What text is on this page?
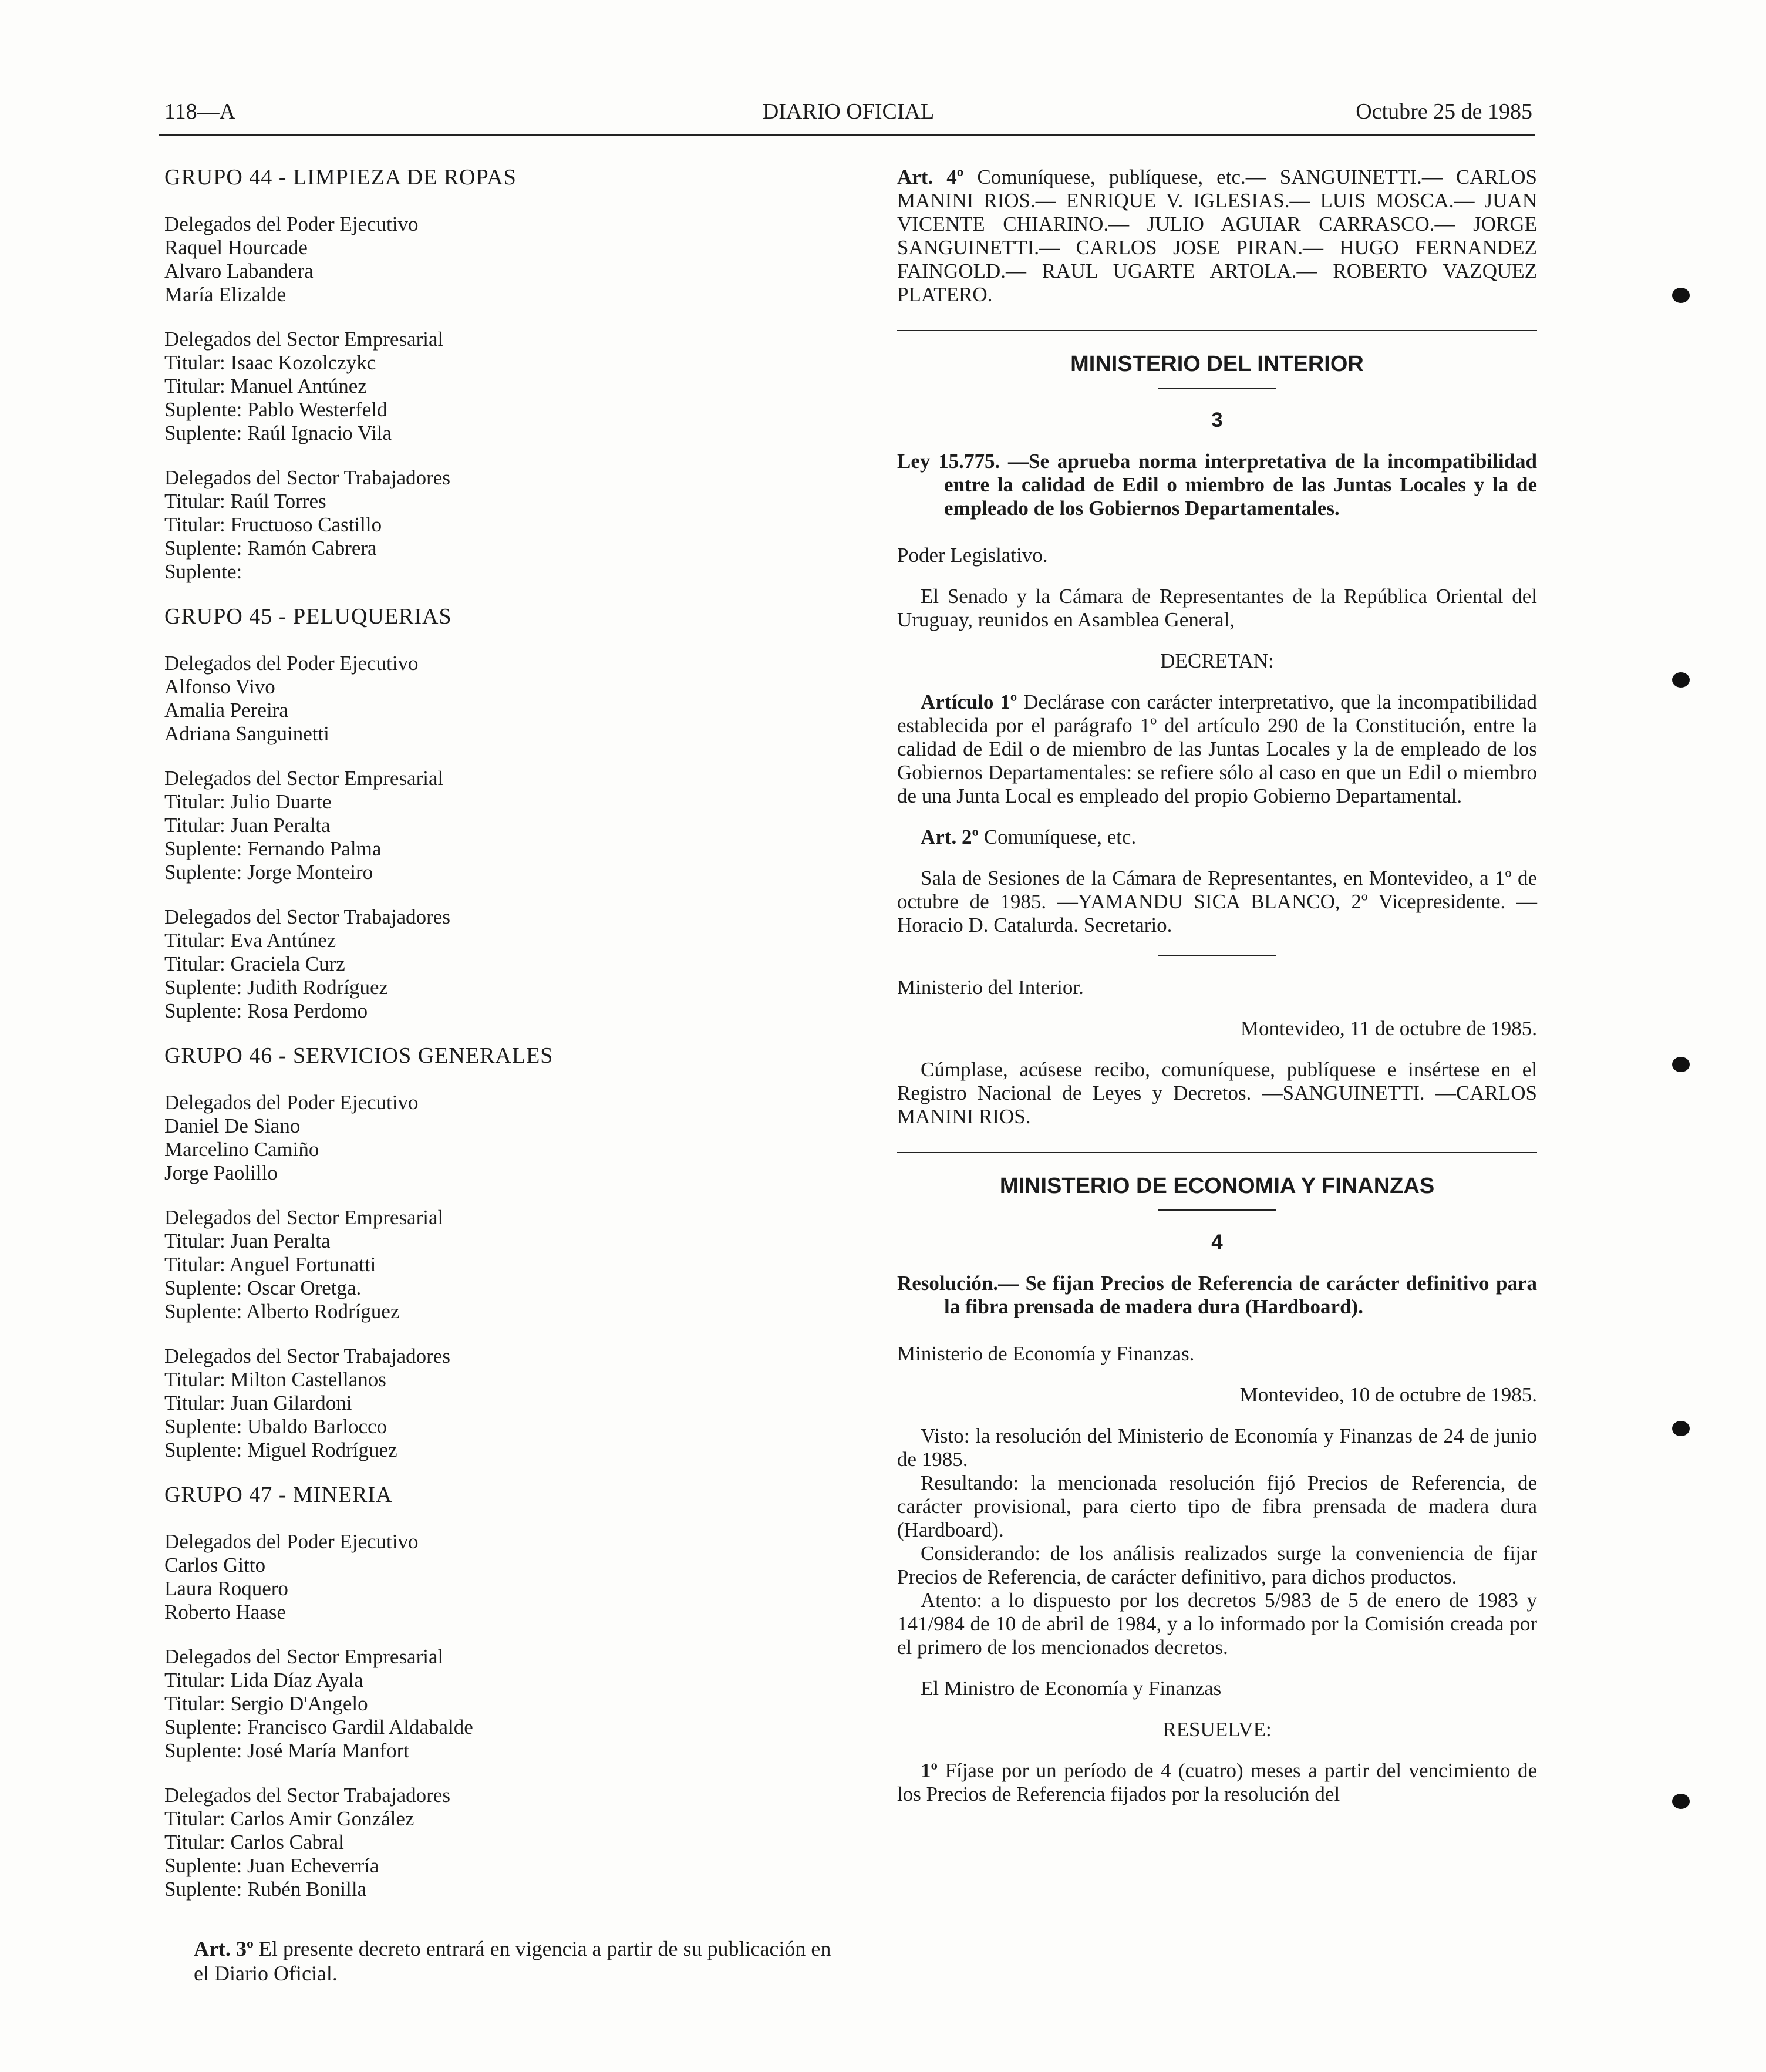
118—A	DIARIO OFICIAL	Octubre 25 de 1985
GRUPO 44 - LIMPIEZA DE ROPAS
Delegados del Poder Ejecutivo
Raquel Hourcade
Alvaro Labandera
María Elizalde
Delegados del Sector Empresarial
Titular: Isaac Kozolczykc
Titular: Manuel Antúnez
Suplente: Pablo Westerfeld
Suplente: Raúl Ignacio Vila
Delegados del Sector Trabajadores
Titular: Raúl Torres
Titular: Fructuoso Castillo
Suplente: Ramón Cabrera
Suplente:
GRUPO 45 - PELUQUERIAS
Delegados del Poder Ejecutivo
Alfonso Vivo
Amalia Pereira
Adriana Sanguinetti
Delegados del Sector Empresarial
Titular: Julio Duarte
Titular: Juan Peralta
Suplente: Fernando Palma
Suplente: Jorge Monteiro
Delegados del Sector Trabajadores
Titular: Eva Antúnez
Titular: Graciela Curz
Suplente: Judith Rodríguez
Suplente: Rosa Perdomo
GRUPO 46 - SERVICIOS GENERALES
Delegados del Poder Ejecutivo
Daniel De Siano
Marcelino Camiño
Jorge Paolillo
Delegados del Sector Empresarial
Titular: Juan Peralta
Titular: Anguel Fortunatti
Suplente: Oscar Oretga.
Suplente: Alberto Rodríguez
Delegados del Sector Trabajadores
Titular: Milton Castellanos
Titular: Juan Gilardoni
Suplente: Ubaldo Barlocco
Suplente: Miguel Rodríguez
GRUPO 47 - MINERIA
Delegados del Poder Ejecutivo
Carlos Gitto
Laura Roquero
Roberto Haase
Delegados del Sector Empresarial
Titular: Lida Díaz Ayala
Titular: Sergio D'Angelo
Suplente: Francisco Gardil Aldabalde
Suplente: José María Manfort
Delegados del Sector Trabajadores
Titular: Carlos Amir González
Titular: Carlos Cabral
Suplente: Juan Echeverría
Suplente: Rubén Bonilla
Art. 3º El presente decreto entrará en vigencia a partir de su publicación en el Diario Oficial.
Art. 4º Comuníquese, publíquese, etc.— SANGUINETTI.— CARLOS MANINI RIOS.— ENRIQUE V. IGLESIAS.— LUIS MOSCA.— JUAN VICENTE CHIARINO.— JULIO AGUIAR CARRASCO.— JORGE SANGUINETTI.— CARLOS JOSE PIRAN.— HUGO FERNANDEZ FAINGOLD.— RAUL UGARTE ARTOLA.— ROBERTO VAZQUEZ PLATERO.
MINISTERIO DEL INTERIOR
3
Ley 15.775. —Se aprueba norma interpretativa de la incompatibilidad entre la calidad de Edil o miembro de las Juntas Locales y la de empleado de los Gobiernos Departamentales.
Poder Legislativo.
El Senado y la Cámara de Representantes de la República Oriental del Uruguay, reunidos en Asamblea General,
DECRETAN:
Artículo 1º Declárase con carácter interpretativo, que la incompatibilidad establecida por el parágrafo 1º del artículo 290 de la Constitución, entre la calidad de Edil o de miembro de las Juntas Locales y la de empleado de los Gobiernos Departamentales: se refiere sólo al caso en que un Edil o miembro de una Junta Local es empleado del propio Gobierno Departamental.
Art. 2º Comuníquese, etc.
Sala de Sesiones de la Cámara de Representantes, en Montevideo, a 1º de octubre de 1985. —YAMANDU SICA BLANCO, 2º Vicepresidente. —Horacio D. Catalurda. Secretario.
Ministerio del Interior.
Montevideo, 11 de octubre de 1985.
Cúmplase, acúsese recibo, comuníquese, publíquese e insértese en el Registro Nacional de Leyes y Decretos. —SANGUINETTI. —CARLOS MANINI RIOS.
MINISTERIO DE ECONOMIA Y FINANZAS
4
Resolución.— Se fijan Precios de Referencia de carácter definitivo para la fibra prensada de madera dura (Hardboard).
Ministerio de Economía y Finanzas.
Montevideo, 10 de octubre de 1985.
Visto: la resolución del Ministerio de Economía y Finanzas de 24 de junio de 1985.
Resultando: la mencionada resolución fijó Precios de Referencia, de carácter provisional, para cierto tipo de fibra prensada de madera dura (Hardboard).
Considerando: de los análisis realizados surge la conveniencia de fijar Precios de Referencia, de carácter definitivo, para dichos productos.
Atento: a lo dispuesto por los decretos 5/983 de 5 de enero de 1983 y 141/984 de 10 de abril de 1984, y a lo informado por la Comisión creada por el primero de los mencionados decretos.
El Ministro de Economía y Finanzas
RESUELVE:
1º Fíjase por un período de 4 (cuatro) meses a partir del vencimiento de los Precios de Referencia fijados por la resolución del
